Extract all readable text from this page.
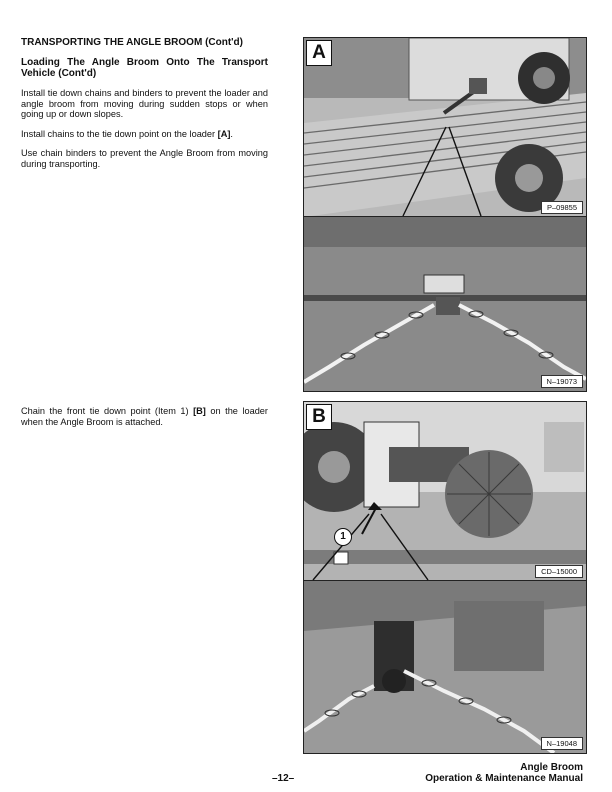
TRANSPORTING THE ANGLE BROOM (Cont'd)
Loading The Angle Broom Onto The Transport Vehicle (Cont'd)

Install tie down chains and binders to prevent the loader and angle broom from moving during sudden stops or when going up or down slopes.

Install chains to the tie down point on the loader [A].

Use chain binders to prevent the Angle Broom from moving during transporting.

Chain the front tie down point (Item 1) [B] on the loader when the Angle Broom is attached.

A
P–09855
N–19073
B
1
CD–15000
N–19048
–12–
Angle Broom
Operation & Maintenance Manual
